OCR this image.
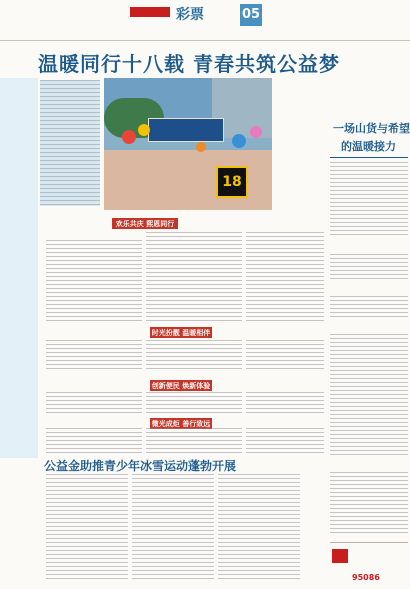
彩票	05
温暖同行十八载 青春共筑公益梦
18
欢乐共庆 熙恩同行
时光扮靓 温暖相伴
创新便民 焕新体验
微光成炬 善行致远
公益金助推青少年冰雪运动蓬勃开展
一场山货与希望
的温暖接力
95086
